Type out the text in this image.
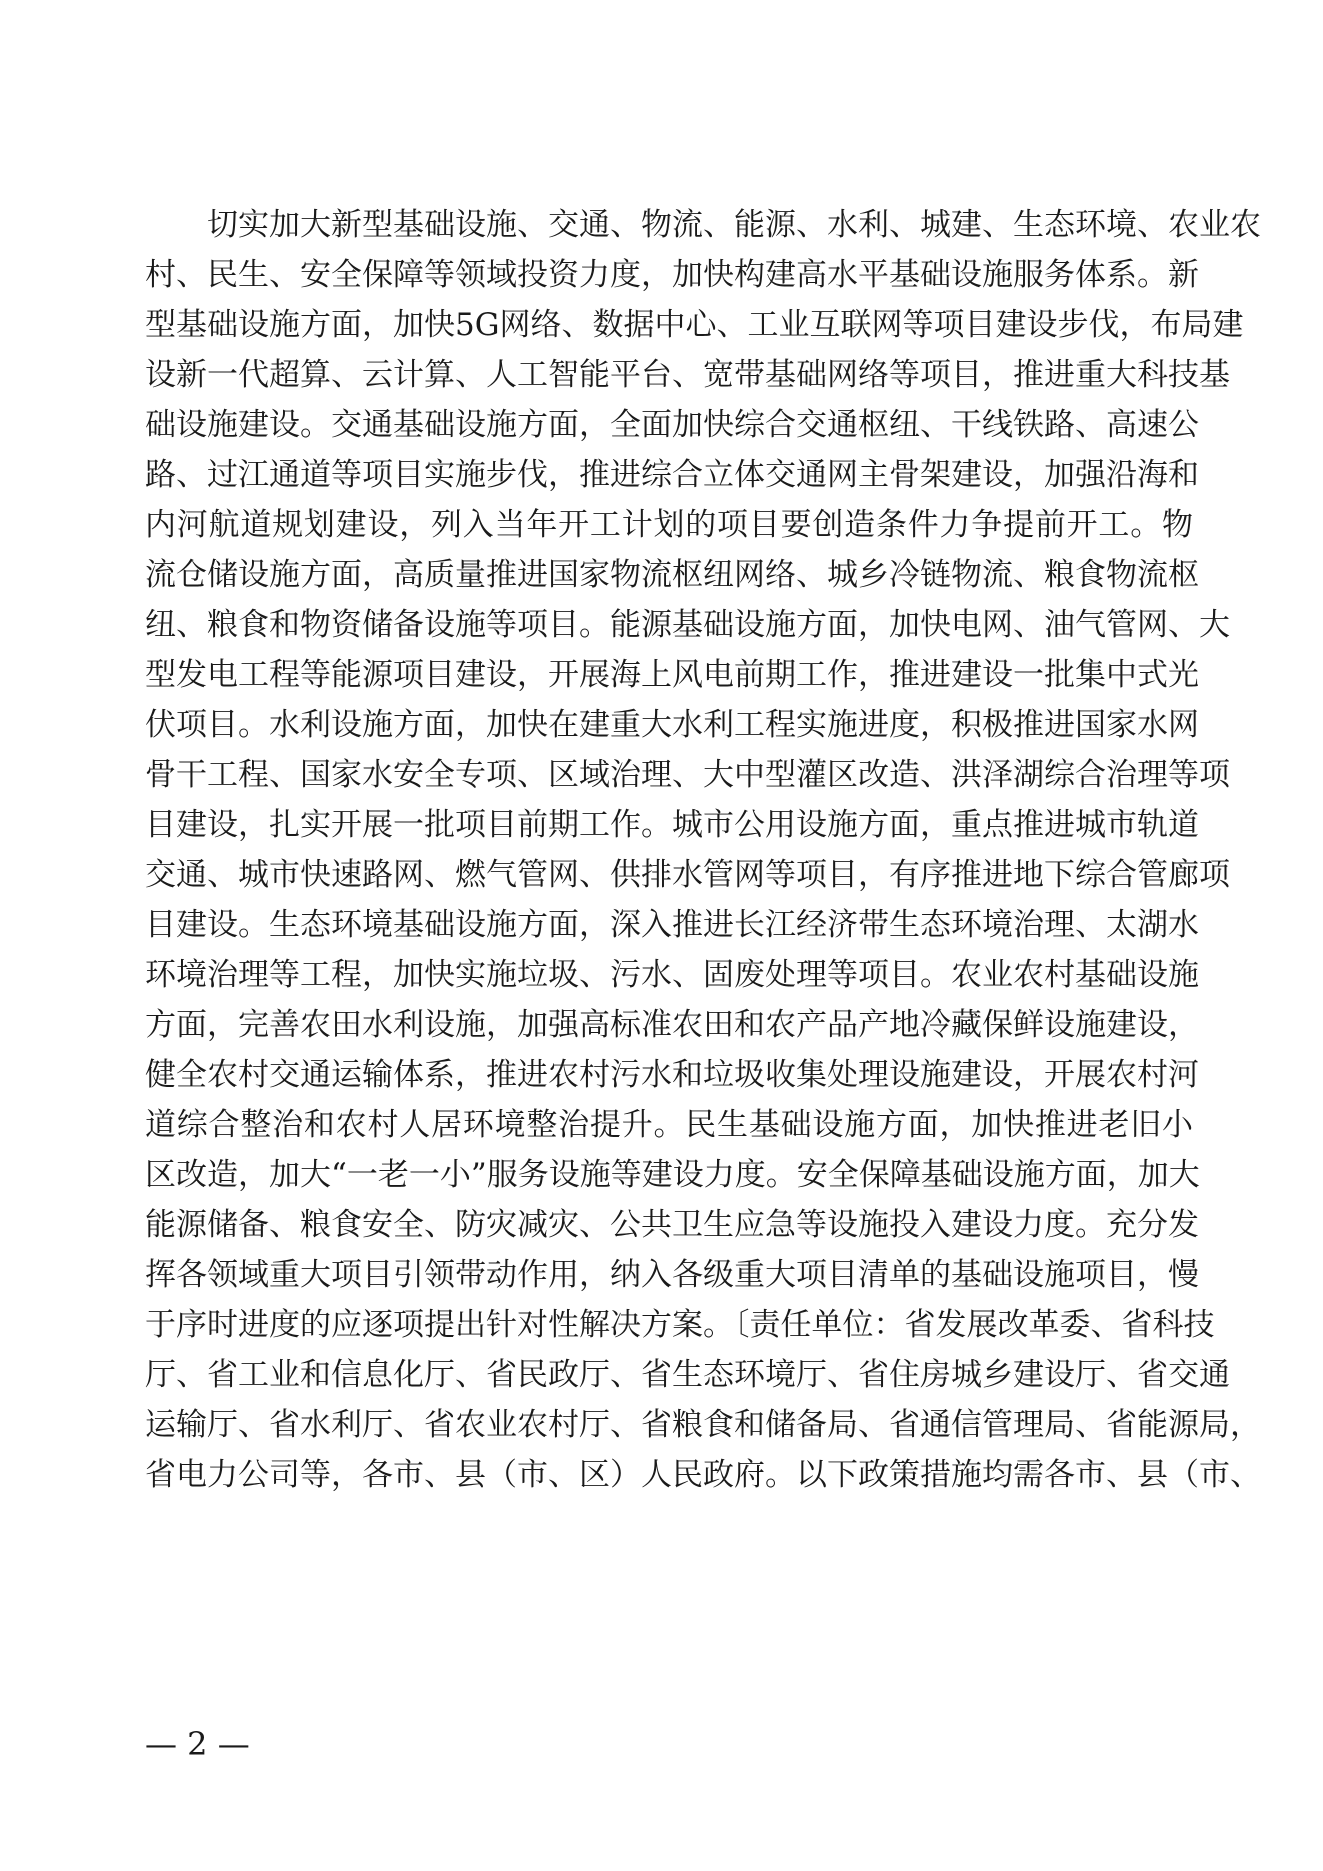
　　切实加大新型基础设施、交通、物流、能源、水利、城建、生态环境、农业农
村、民生、安全保障等领域投资力度，加快构建高水平基础设施服务体系。新
型基础设施方面，加快5G网络、数据中心、工业互联网等项目建设步伐，布局建
设新一代超算、云计算、人工智能平台、宽带基础网络等项目，推进重大科技基
础设施建设。交通基础设施方面，全面加快综合交通枢纽、干线铁路、高速公
路、过江通道等项目实施步伐，推进综合立体交通网主骨架建设，加强沿海和
内河航道规划建设，列入当年开工计划的项目要创造条件力争提前开工。物
流仓储设施方面，高质量推进国家物流枢纽网络、城乡冷链物流、粮食物流枢
纽、粮食和物资储备设施等项目。能源基础设施方面，加快电网、油气管网、大
型发电工程等能源项目建设，开展海上风电前期工作，推进建设一批集中式光
伏项目。水利设施方面，加快在建重大水利工程实施进度，积极推进国家水网
骨干工程、国家水安全专项、区域治理、大中型灌区改造、洪泽湖综合治理等项
目建设，扎实开展一批项目前期工作。城市公用设施方面，重点推进城市轨道
交通、城市快速路网、燃气管网、供排水管网等项目，有序推进地下综合管廊项
目建设。生态环境基础设施方面，深入推进长江经济带生态环境治理、太湖水
环境治理等工程，加快实施垃圾、污水、固废处理等项目。农业农村基础设施
方面，完善农田水利设施，加强高标准农田和农产品产地冷藏保鲜设施建设，
健全农村交通运输体系，推进农村污水和垃圾收集处理设施建设，开展农村河
道综合整治和农村人居环境整治提升。民生基础设施方面，加快推进老旧小
区改造，加大“一老一小”服务设施等建设力度。安全保障基础设施方面，加大
能源储备、粮食安全、防灾减灾、公共卫生应急等设施投入建设力度。充分发
挥各领域重大项目引领带动作用，纳入各级重大项目清单的基础设施项目，慢
于序时进度的应逐项提出针对性解决方案。〔责任单位：省发展改革委、省科技
厅、省工业和信息化厅、省民政厅、省生态环境厅、省住房城乡建设厅、省交通
运输厅、省水利厅、省农业农村厅、省粮食和储备局、省通信管理局、省能源局，
省电力公司等，各市、县（市、区）人民政府。以下政策措施均需各市、县（市、
— 2 —
